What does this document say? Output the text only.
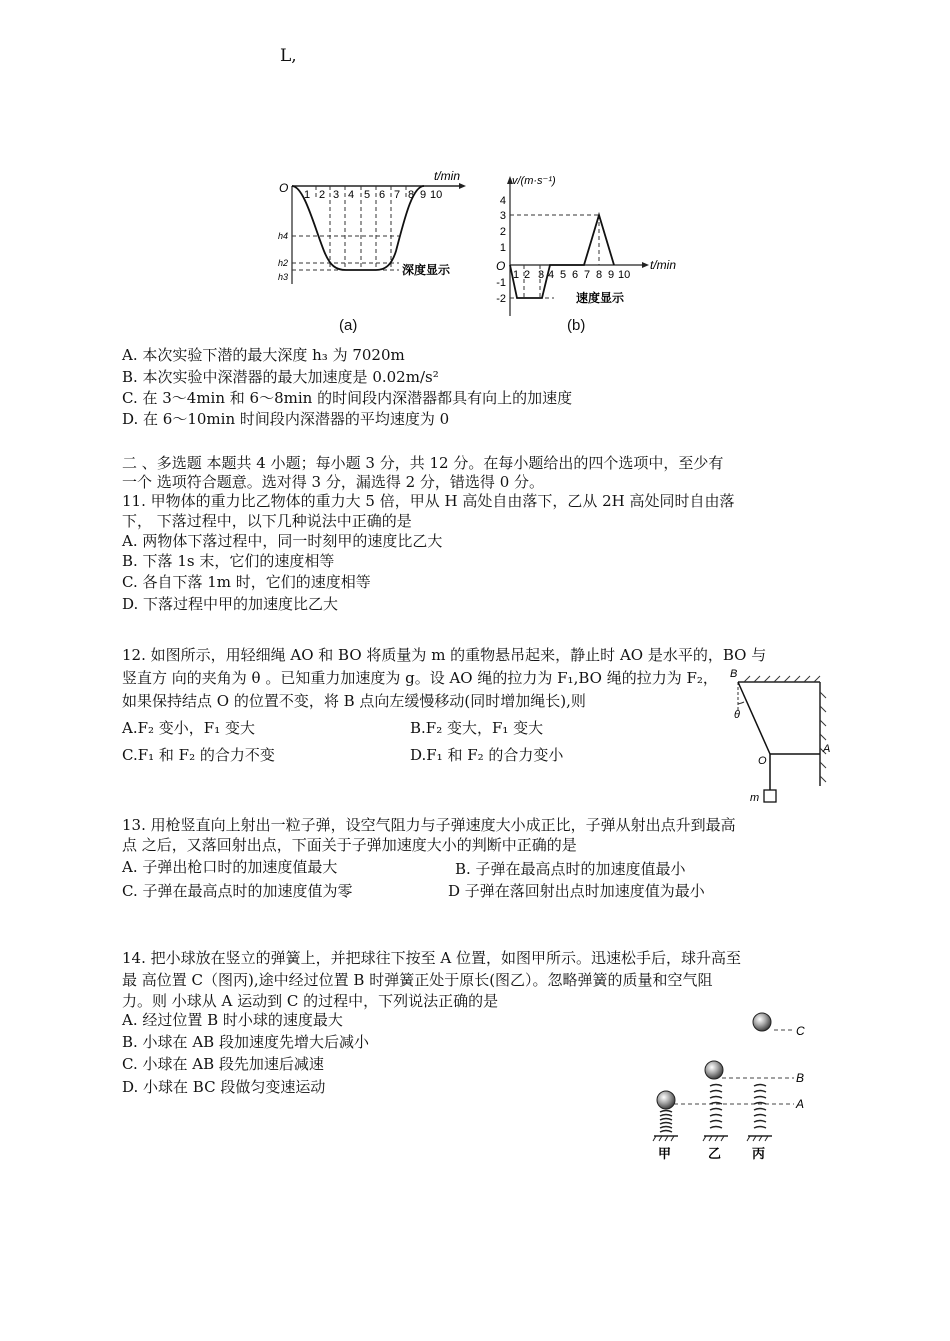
L,
t/min
O 1 2 3 4 5 6 7 8 9 10
h4
h2
h3	深度显示
(a)
v/(m·s⁻¹)
t/min
O
4
3
2
1
-1
-2
1 2 3 4 5 6 7 8 9 10
速度显示
(b)
A. 本次实验下潜的最大深度 h₃ 为 7020m
B. 本次实验中深潜器的最大加速度是 0.02m/s²
C. 在 3～4min 和 6～8min 的时间段内深潜器都具有向上的加速度
D. 在 6～10min 时间段内深潜器的平均速度为 0
二 、多选题 本题共 4 小题；每小题 3 分，共 12 分。在每小题给出的四个选项中，至少有
一个 选项符合题意。选对得 3 分，漏选得 2 分，错选得 0 分。
11. 甲物体的重力比乙物体的重力大 5 倍，甲从 H 高处自由落下，乙从 2H 高处同时自由落
下， 下落过程中，以下几种说法中正确的是
A. 两物体下落过程中，同一时刻甲的速度比乙大
B. 下落 1s 末，它们的速度相等
C. 各自下落 1m 时，它们的速度相等
D. 下落过程中甲的加速度比乙大
12. 如图所示，用轻细绳 AO 和 BO 将质量为 m 的重物悬吊起来，静止时 AO 是水平的，BO 与
竖直方 向的夹角为 θ 。已知重力加速度为 g。设 AO 绳的拉力为 F₁,BO 绳的拉力为 F₂，
如果保持结点 O 的位置不变，将 B 点向左缓慢移动(同时增加绳长),则
A.F₂ 变小，F₁ 变大	B.F₂ 变大，F₁ 变大
C.F₁ 和 F₂ 的合力不变	D.F₁ 和 F₂ 的合力变小
B
θ
O
A
m
13. 用枪竖直向上射出一粒子弹，设空气阻力与子弹速度大小成正比，子弹从射出点升到最高
点 之后，又落回射出点，下面关于子弹加速度大小的判断中正确的是
A. 子弹出枪口时的加速度值最大	B. 子弹在最高点时的加速度值最小
C. 子弹在最高点时的加速度值为零	D 子弹在落回射出点时加速度值为最小
14. 把小球放在竖立的弹簧上，并把球往下按至 A 位置，如图甲所示。迅速松手后，球升高至
最 高位置 C（图丙),途中经过位置 B 时弹簧正处于原长(图乙）。忽略弹簧的质量和空气阻
力。则 小球从 A 运动到 C 的过程中，下列说法正确的是
A. 经过位置 B 时小球的速度最大
B. 小球在 AB 段加速度先增大后减小
C. 小球在 AB 段先加速后减速
D. 小球在 BC 段做匀变速运动
C
B
A
甲	乙 丙
